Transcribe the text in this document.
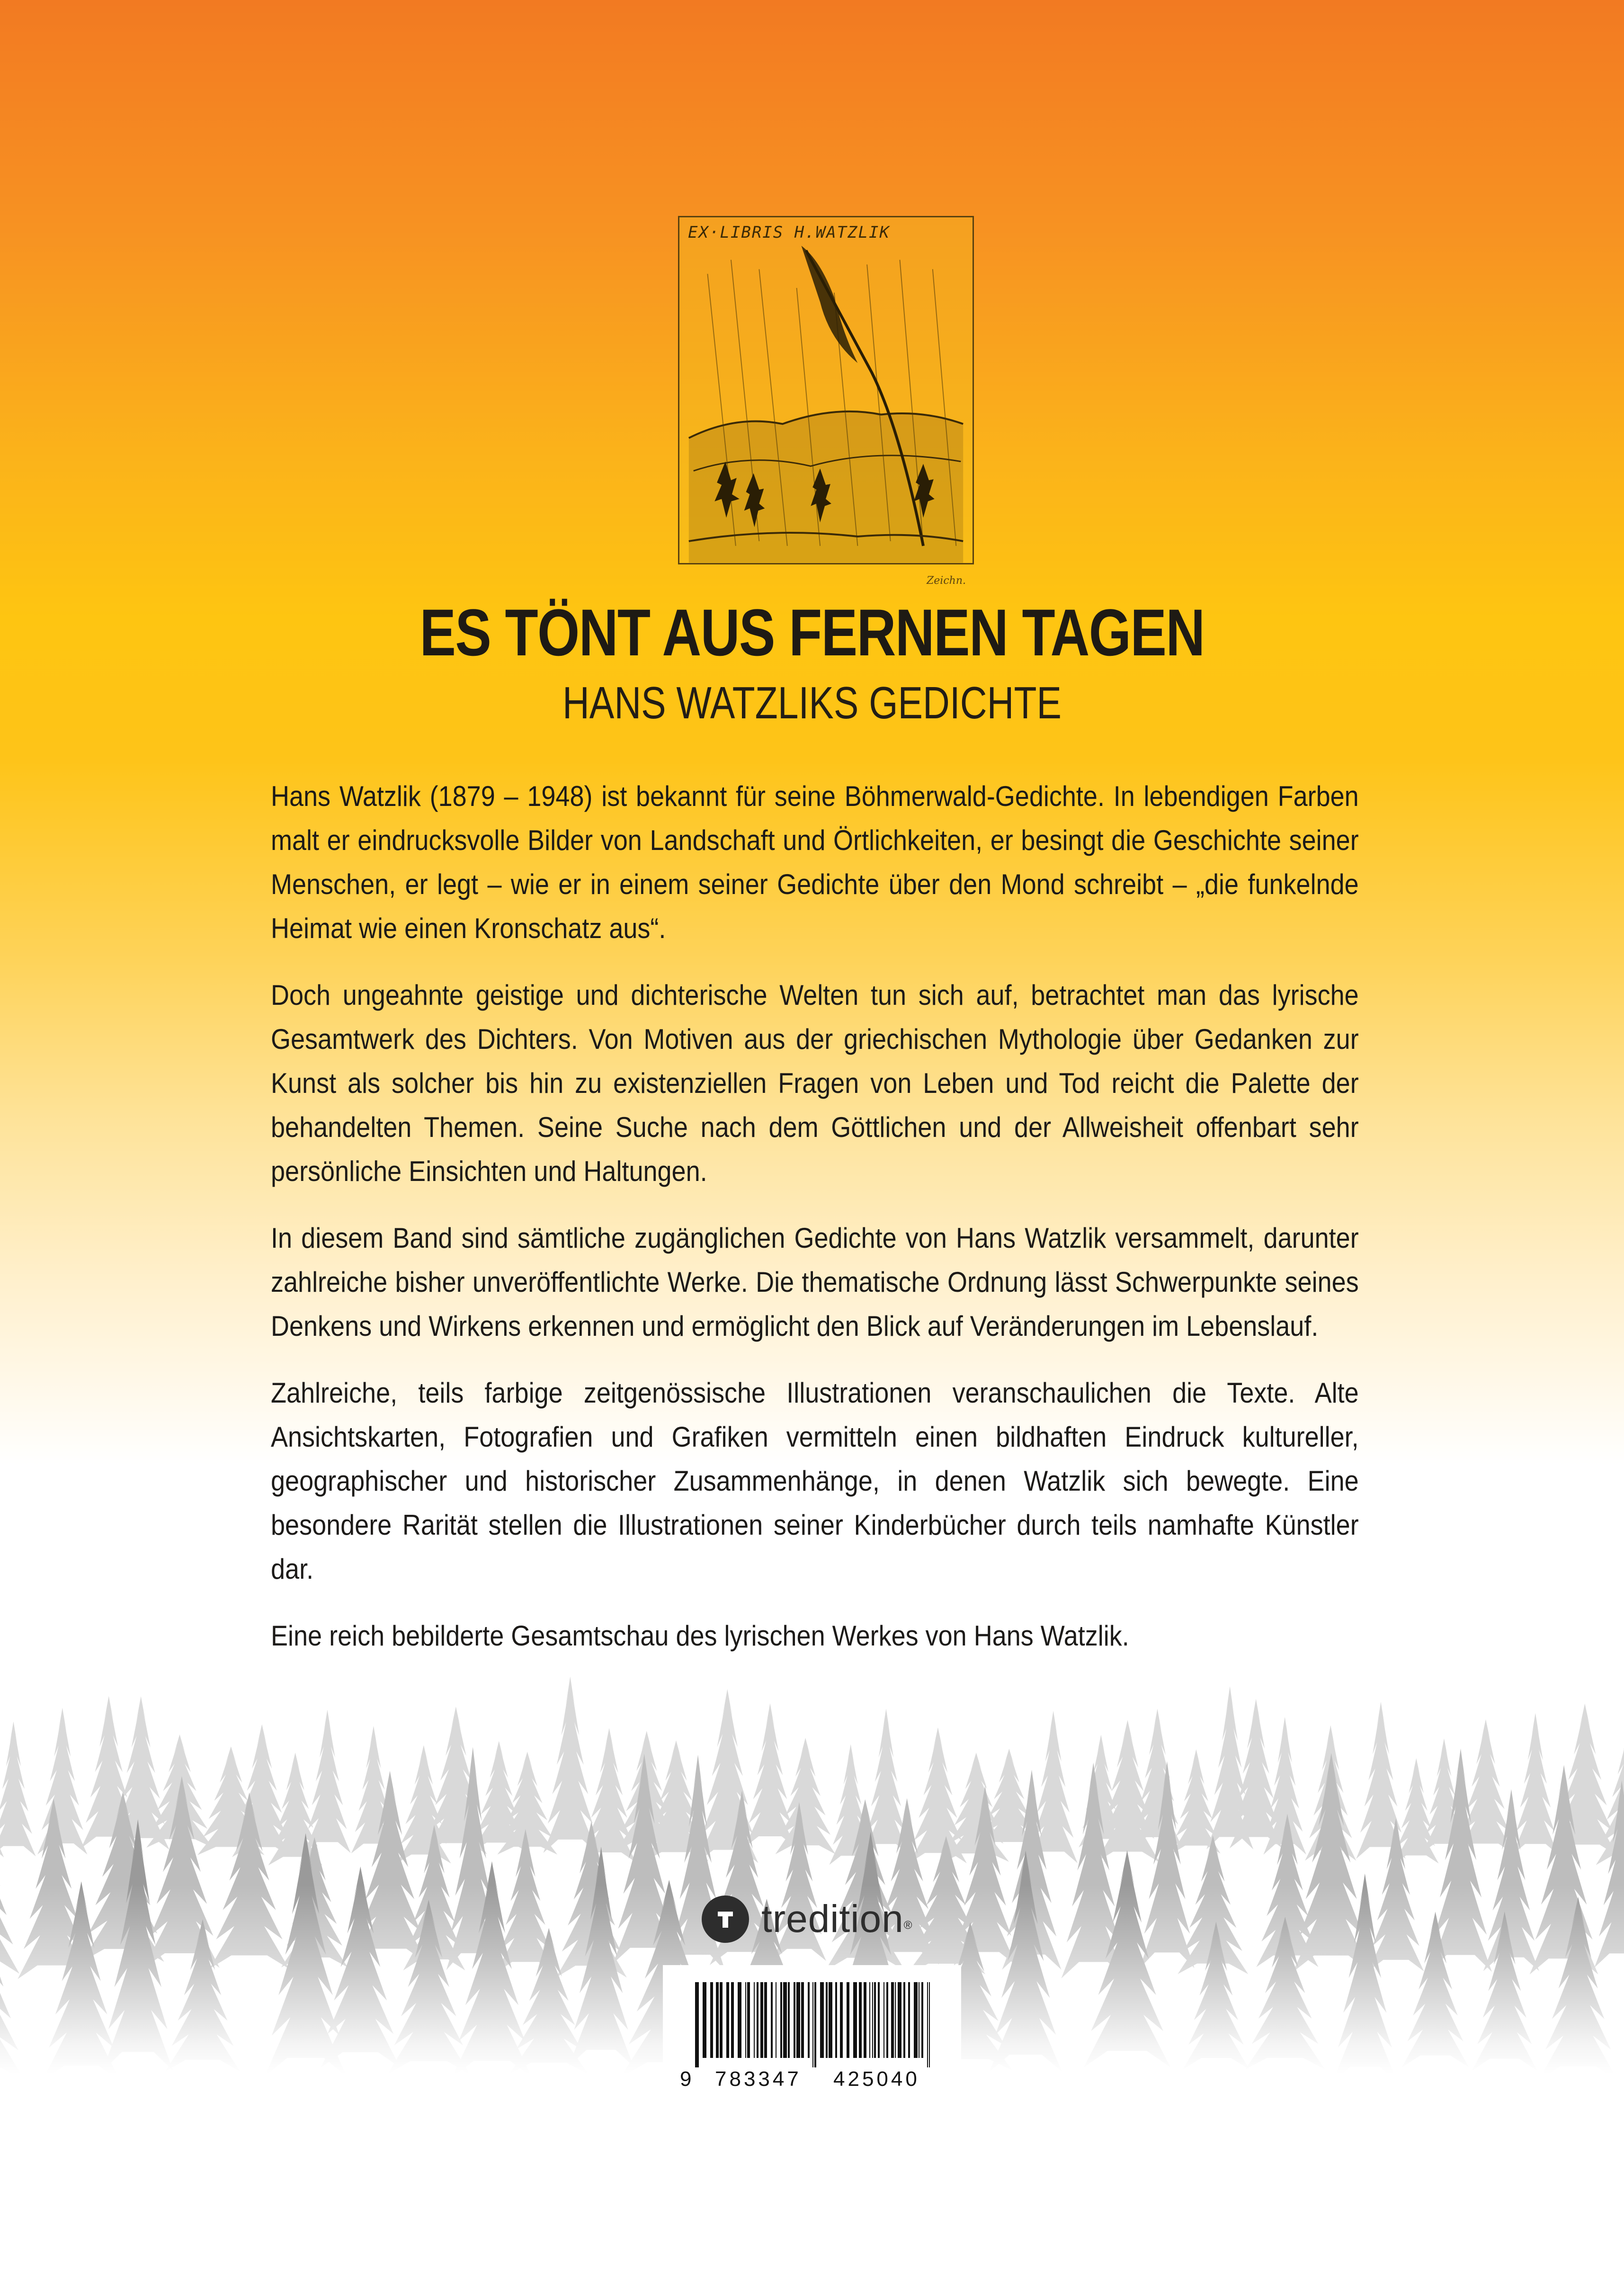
EX·LIBRIS H.WATZLIK
Zeichn.
ES TÖNT AUS FERNEN TAGEN
HANS WATZLIKS GEDICHTE

Hans Watzlik (1879 – 1948) ist bekannt für seine Böhmerwald-Gedichte. In lebendigen Farben malt er eindrucksvolle Bilder von Landschaft und Örtlichkeiten, er besingt die Geschichte seiner Menschen, er legt – wie er in einem seiner Gedichte über den Mond schreibt – „die funkelnde Heimat wie einen Kronschatz aus“.

Doch ungeahnte geistige und dichterische Welten tun sich auf, betrachtet man das lyrische Gesamtwerk des Dichters. Von Motiven aus der griechischen Mythologie über Gedanken zur Kunst als solcher bis hin zu existenziellen Fragen von Leben und Tod reicht die Palette der behandelten Themen. Seine Suche nach dem Göttlichen und der Allweisheit offenbart sehr persönliche Einsichten und Haltungen.

In diesem Band sind sämtliche zugänglichen Gedichte von Hans Watzlik versammelt, darunter zahlreiche bisher unveröffentlichte Werke. Die thematische Ordnung lässt Schwerpunkte seines Denkens und Wirkens erkennen und ermöglicht den Blick auf Veränderungen im Lebenslauf.

Zahlreiche, teils farbige zeitgenössische Illustrationen veranschaulichen die Texte. Alte Ansichtskarten, Fotografien und Grafiken vermitteln einen bildhaften Eindruck kultureller, geographischer und historischer Zusammenhänge, in denen Watzlik sich bewegte. Eine besondere Rarität stellen die Illustrationen seiner Kinderbücher durch teils namhafte Künstler dar.

Eine reich bebilderte Gesamtschau des lyrischen Werkes von Hans Watzlik.

tredition®
9 783347 425040
